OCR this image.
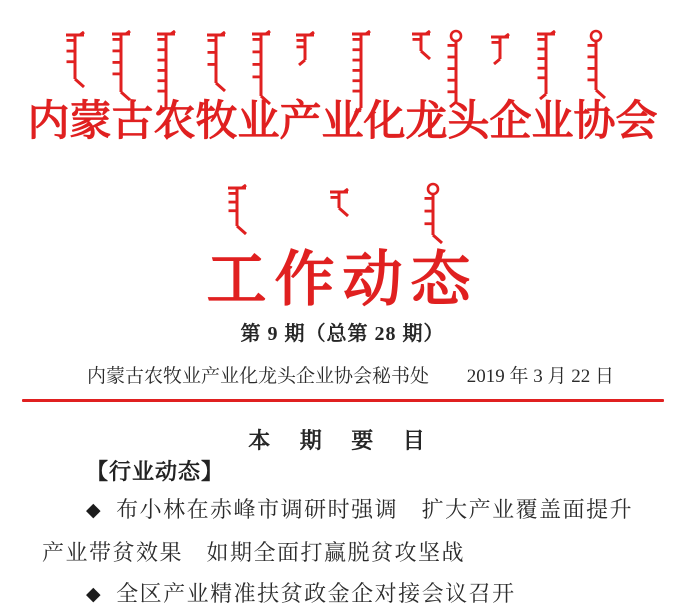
内蒙古农牧业产业化龙头企业协会
工作动态
第 9 期（总第 28 期）
内蒙古农牧业产业化龙头企业协会秘书处 2019 年 3 月 22 日
本 期 要 目
【行业动态】

◆ 布小林在赤峰市调研时强调　扩大产业覆盖面提升产业带贫效果　如期全面打赢脱贫攻坚战

◆ 全区产业精准扶贫政金企对接会议召开
